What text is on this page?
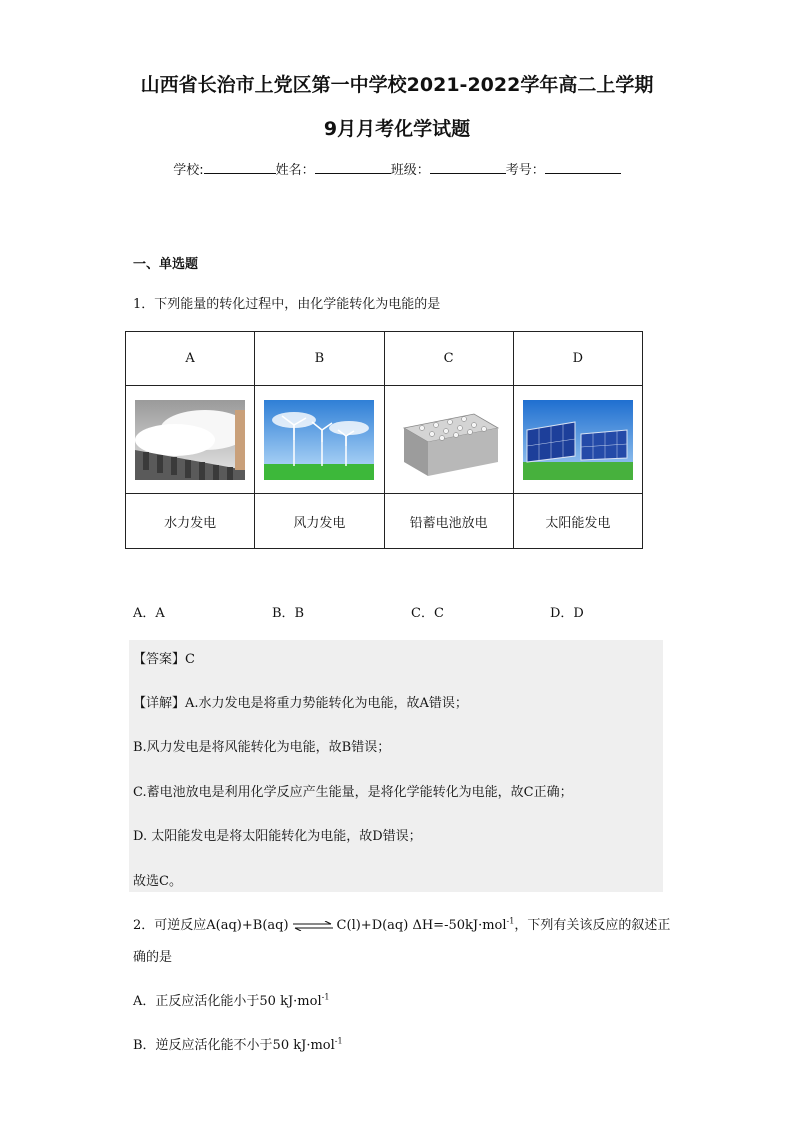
山西省长治市上党区第一中学校2021-2022学年高二上学期
9月月考化学试题
学校:	姓名：	班级：	考号：
一、单选题
1．下列能量的转化过程中，由化学能转化为电能的是
A	B	C	D

水力发电	风力发电	铅蓄电池放电	太阳能发电
A．A	B．B	C．C	D．D
【答案】C
【详解】A.水力发电是将重力势能转化为电能，故A错误；
B.风力发电是将风能转化为电能，故B错误；
C.蓄电池放电是利用化学反应产生能量，是将化学能转化为电能，故C正确；
D. 太阳能发电是将太阳能转化为电能，故D错误；
故选C。
2．可逆反应A(aq)+B(aq) ⇌ C(l)+D(aq) ΔH=-50kJ·mol$^{-1}$，下列有关该反应的叙述正
确的是
A．正反应活化能小于50 kJ·mol$^{-1}$
B．逆反应活化能不小于50 kJ·mol$^{-1}$
